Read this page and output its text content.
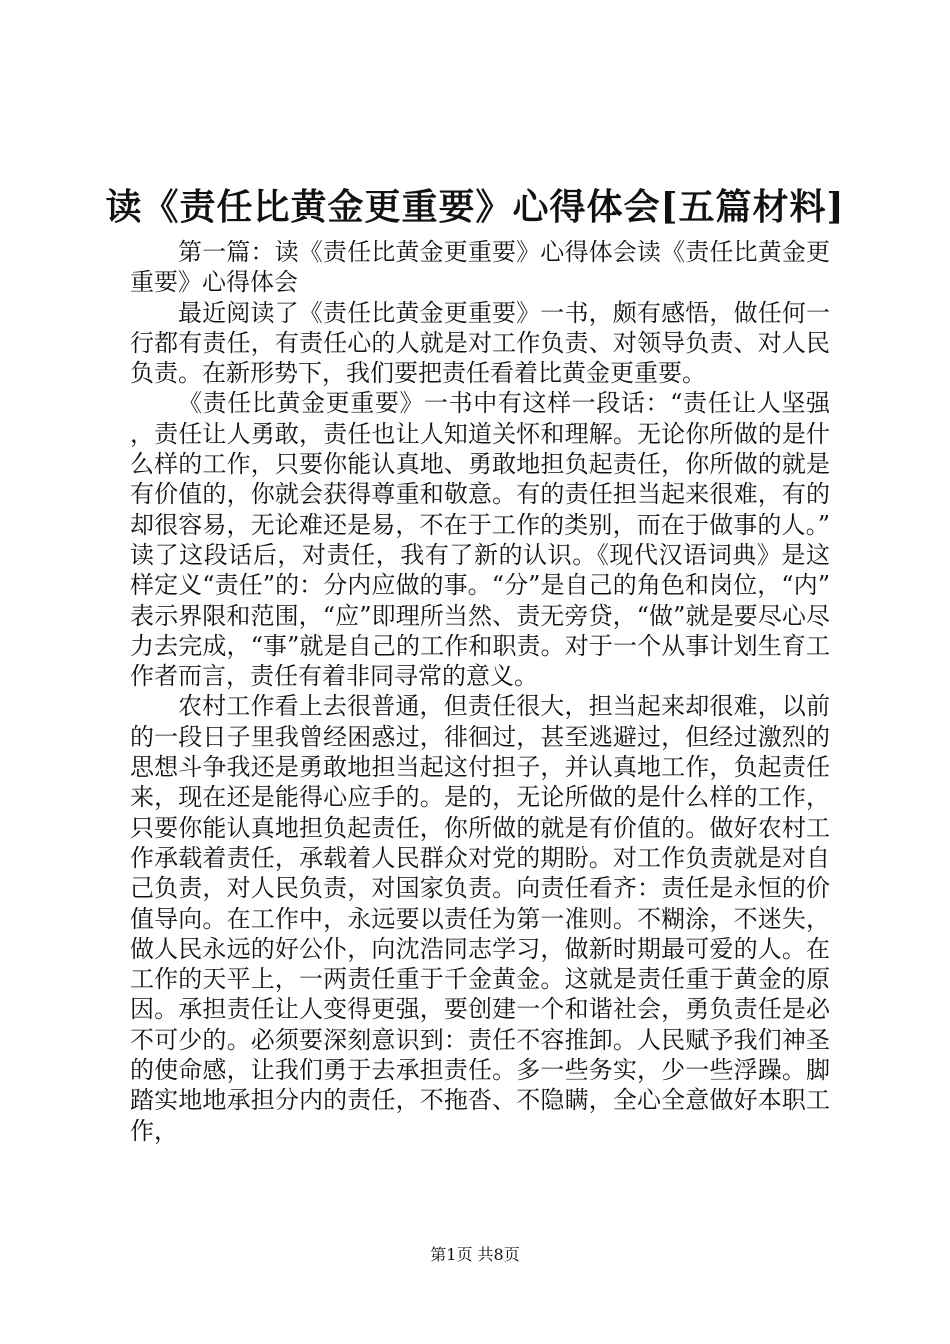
读《责任比黄金更重要》心得体会[五篇材料]

第一篇：读《责任比黄金更重要》心得体会读《责任比黄金更重要》心得体会

最近阅读了《责任比黄金更重要》一书，颇有感悟，做任何一行都有责任，有责任心的人就是对工作负责、对领导负责、对人民负责。在新形势下，我们要把责任看着比黄金更重要。

《责任比黄金更重要》一书中有这样一段话：“责任让人坚强，责任让人勇敢，责任也让人知道关怀和理解。无论你所做的是什么样的工作，只要你能认真地、勇敢地担负起责任，你所做的就是有价值的，你就会获得尊重和敬意。有的责任担当起来很难，有的却很容易，无论难还是易，不在于工作的类别，而在于做事的人。”读了这段话后，对责任，我有了新的认识。《现代汉语词典》是这样定义“责任”的：分内应做的事。“分”是自己的角色和岗位，“内”表示界限和范围，“应”即理所当然、责无旁贷，“做”就是要尽心尽力去完成，“事”就是自己的工作和职责。对于一个从事计划生育工作者而言，责任有着非同寻常的意义。

农村工作看上去很普通，但责任很大，担当起来却很难，以前的一段日子里我曾经困惑过，徘徊过，甚至逃避过，但经过激烈的思想斗争我还是勇敢地担当起这付担子，并认真地工作，负起责任来，现在还是能得心应手的。是的，无论所做的是什么样的工作，只要你能认真地担负起责任，你所做的就是有价值的。做好农村工作承载着责任，承载着人民群众对党的期盼。对工作负责就是对自己负责，对人民负责，对国家负责。向责任看齐：责任是永恒的价值导向。在工作中，永远要以责任为第一准则。不糊涂，不迷失，做人民永远的好公仆，向沈浩同志学习，做新时期最可爱的人。在工作的天平上，一两责任重于千金黄金。这就是责任重于黄金的原因。承担责任让人变得更强，要创建一个和谐社会，勇负责任是必不可少的。必须要深刻意识到：责任不容推卸。人民赋予我们神圣的使命感，让我们勇于去承担责任。多一些务实，少一些浮躁。脚踏实地地承担分内的责任，不拖沓、不隐瞒，全心全意做好本职工作，

第1页 共8页
